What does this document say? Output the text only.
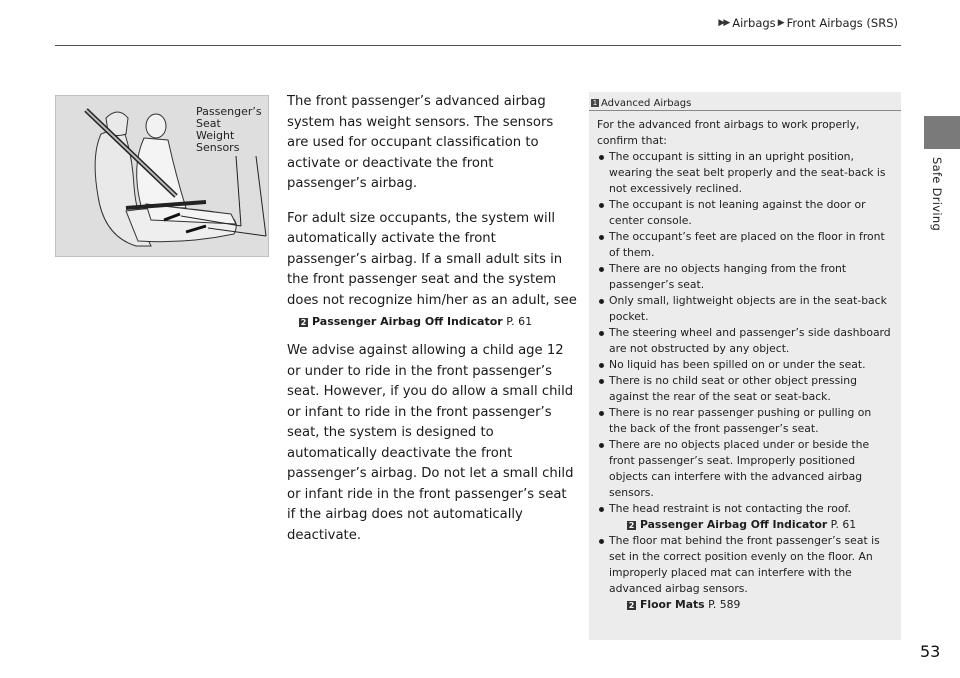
▶▶ Airbags ▶ Front Airbags (SRS)
Safe Driving
Passenger’s
Seat
Weight
Sensors

The front passenger’s advanced airbag system has weight sensors. The sensors are used for occupant classification to activate or deactivate the front passenger’s airbag.

For adult size occupants, the system will automatically activate the front passenger’s airbag. If a small adult sits in the front passenger seat and the system does not recognize him/her as an adult, see

2 Passenger Airbag Off Indicator P. 61

We advise against allowing a child age 12 or under to ride in the front passenger’s seat. However, if you do allow a small child or infant to ride in the front passenger’s seat, the system is designed to automatically deactivate the front passenger’s airbag. Do not let a small child or infant ride in the front passenger’s seat if the airbag does not automatically deactivate.

1 Advanced Airbags

For the advanced front airbags to work properly, confirm that:

The occupant is sitting in an upright position, wearing the seat belt properly and the seat-back is not excessively reclined.
The occupant is not leaning against the door or center console.
The occupant’s feet are placed on the floor in front of them.
There are no objects hanging from the front passenger’s seat.
Only small, lightweight objects are in the seat-back pocket.
The steering wheel and passenger’s side dashboard are not obstructed by any object.
No liquid has been spilled on or under the seat.
There is no child seat or other object pressing against the rear of the seat or seat-back.
There is no rear passenger pushing or pulling on the back of the front passenger’s seat.
There are no objects placed under or beside the front passenger’s seat. Improperly positioned objects can interfere with the advanced airbag sensors.
The head restraint is not contacting the roof.
2 Passenger Airbag Off Indicator P. 61
The floor mat behind the front passenger’s seat is set in the correct position evenly on the floor. An improperly placed mat can interfere with the advanced airbag sensors.
2 Floor Mats P. 589
53
